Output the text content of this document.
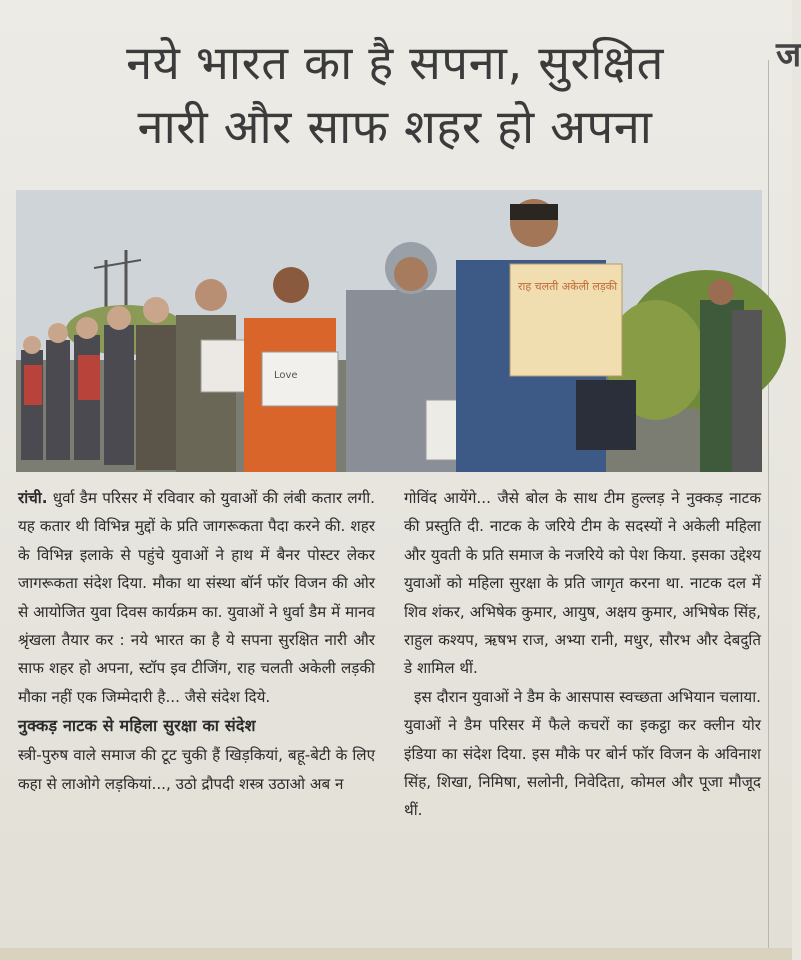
ज
नये भारत का है सपना, सुरक्षित
नारी और साफ शहर हो अपना
Love
राह चलती अकेली लड़की

रांची. धुर्वा डैम परिसर में रविवार को युवाओं की लंबी कतार लगी. यह कतार थी विभिन्न मुद्दों के प्रति जागरूकता पैदा करने की. शहर के विभिन्न इलाके से पहुंचे युवाओं ने हाथ में बैनर पोस्टर लेकर जागरूकता संदेश दिया. मौका था संस्था बॉर्न फॉर विजन की ओर से आयोजित युवा दिवस कार्यक्रम का. युवाओं ने धुर्वा डैम में मानव श्रृंखला तैयार कर : नये भारत का है ये सपना सुरक्षित नारी और साफ शहर हो अपना, स्टॉप इव टीजिंग, राह चलती अकेली लड़की मौका नहीं एक जिम्मेदारी है... जैसे संदेश दिये.

नुक्कड़ नाटक से महिला सुरक्षा का संदेश

स्त्री-पुरुष वाले समाज की टूट चुकी हैं खिड़कियां, बहू-बेटी के लिए कहा से लाओगे लड़कियां..., उठो द्रौपदी शस्त्र उठाओ अब न

गोविंद आयेंगे... जैसे बोल के साथ टीम हुल्लड़ ने नुक्कड़ नाटक की प्रस्तुति दी. नाटक के जरिये टीम के सदस्यों ने अकेली महिला और युवती के प्रति समाज के नजरिये को पेश किया. इसका उद्देश्य युवाओं को महिला सुरक्षा के प्रति जागृत करना था. नाटक दल में शिव शंकर, अभिषेक कुमार, आयुष, अक्षय कुमार, अभिषेक सिंह, राहुल कश्यप, ऋषभ राज, अभ्या रानी, मधुर, सौरभ और देबदुति डे शामिल थीं.

इस दौरान युवाओं ने डैम के आसपास स्वच्छता अभियान चलाया. युवाओं ने डैम परिसर में फैले कचरों का इकट्ठा कर क्लीन योर इंडिया का संदेश दिया. इस मौके पर बोर्न फॉर विजन के अविनाश सिंह, शिखा, निमिषा, सलोनी, निवेदिता, कोमल और पूजा मौजूद थीं.
